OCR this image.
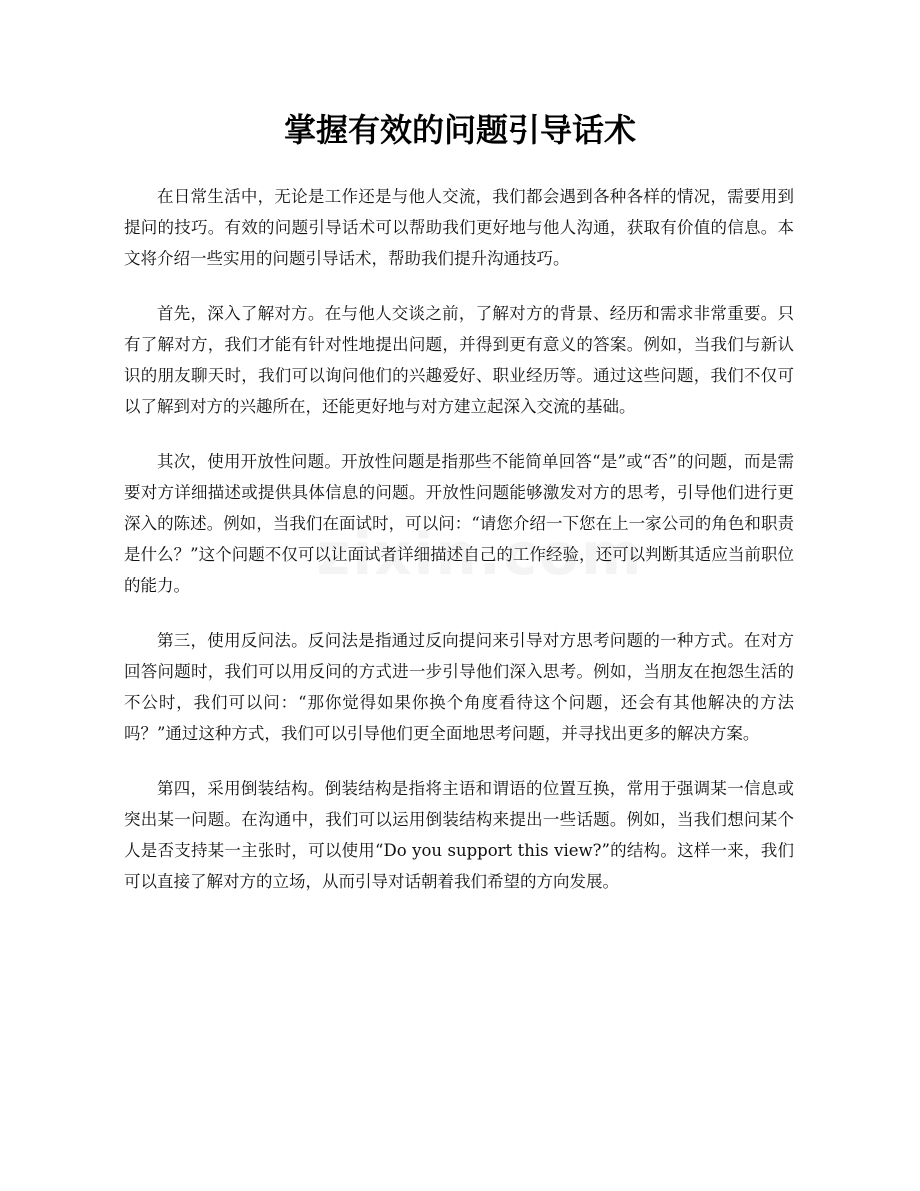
掌握有效的问题引导话术

在日常生活中，无论是工作还是与他人交流，我们都会遇到各种各样的情况，需要用到提问的技巧。有效的问题引导话术可以帮助我们更好地与他人沟通，获取有价值的信息。本文将介绍一些实用的问题引导话术，帮助我们提升沟通技巧。

首先，深入了解对方。在与他人交谈之前，了解对方的背景、经历和需求非常重要。只有了解对方，我们才能有针对性地提出问题，并得到更有意义的答案。例如，当我们与新认识的朋友聊天时，我们可以询问他们的兴趣爱好、职业经历等。通过这些问题，我们不仅可以了解到对方的兴趣所在，还能更好地与对方建立起深入交流的基础。

其次，使用开放性问题。开放性问题是指那些不能简单回答“是”或“否”的问题，而是需要对方详细描述或提供具体信息的问题。开放性问题能够激发对方的思考，引导他们进行更深入的陈述。例如，当我们在面试时，可以问：“请您介绍一下您在上一家公司的角色和职责是什么？”这个问题不仅可以让面试者详细描述自己的工作经验，还可以判断其适应当前职位的能力。

第三，使用反问法。反问法是指通过反向提问来引导对方思考问题的一种方式。在对方回答问题时，我们可以用反问的方式进一步引导他们深入思考。例如，当朋友在抱怨生活的不公时，我们可以问：“那你觉得如果你换个角度看待这个问题，还会有其他解决的方法吗？”通过这种方式，我们可以引导他们更全面地思考问题，并寻找出更多的解决方案。

第四，采用倒装结构。倒装结构是指将主语和谓语的位置互换，常用于强调某一信息或突出某一问题。在沟通中，我们可以运用倒装结构来提出一些话题。例如，当我们想问某个人是否支持某一主张时，可以使用“Do you support this view?”的结构。这样一来，我们可以直接了解对方的立场，从而引导对话朝着我们希望的方向发展。
